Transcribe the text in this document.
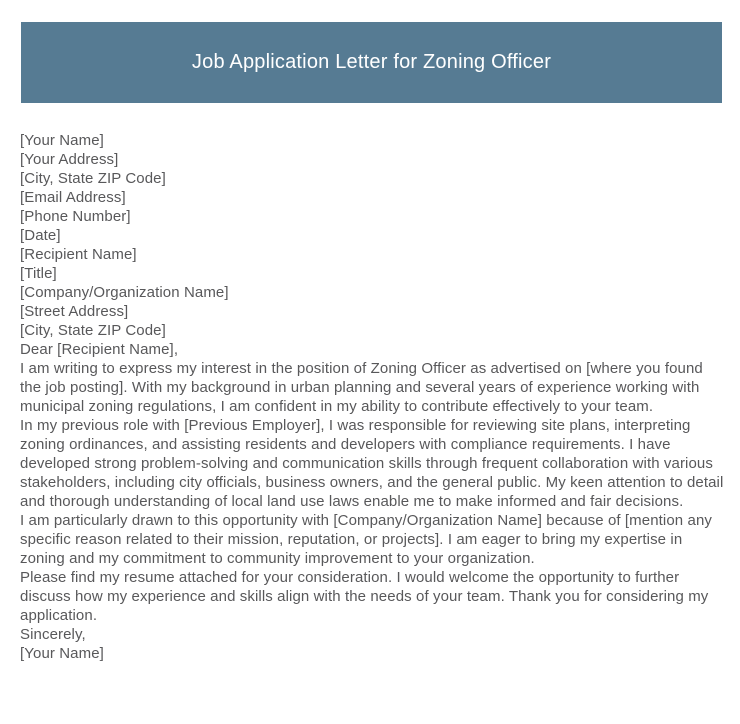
Job Application Letter for Zoning Officer
[Your Name]
[Your Address]
[City, State ZIP Code]
[Email Address]
[Phone Number]
[Date]
[Recipient Name]
[Title]
[Company/Organization Name]
[Street Address]
[City, State ZIP Code]
Dear [Recipient Name],
I am writing to express my interest in the position of Zoning Officer as advertised on [where you found the job posting]. With my background in urban planning and several years of experience working with municipal zoning regulations, I am confident in my ability to contribute effectively to your team.
In my previous role with [Previous Employer], I was responsible for reviewing site plans, interpreting zoning ordinances, and assisting residents and developers with compliance requirements. I have developed strong problem-solving and communication skills through frequent collaboration with various stakeholders, including city officials, business owners, and the general public. My keen attention to detail and thorough understanding of local land use laws enable me to make informed and fair decisions.
I am particularly drawn to this opportunity with [Company/Organization Name] because of [mention any specific reason related to their mission, reputation, or projects]. I am eager to bring my expertise in zoning and my commitment to community improvement to your organization.
Please find my resume attached for your consideration. I would welcome the opportunity to further discuss how my experience and skills align with the needs of your team. Thank you for considering my application.
Sincerely,
[Your Name]
